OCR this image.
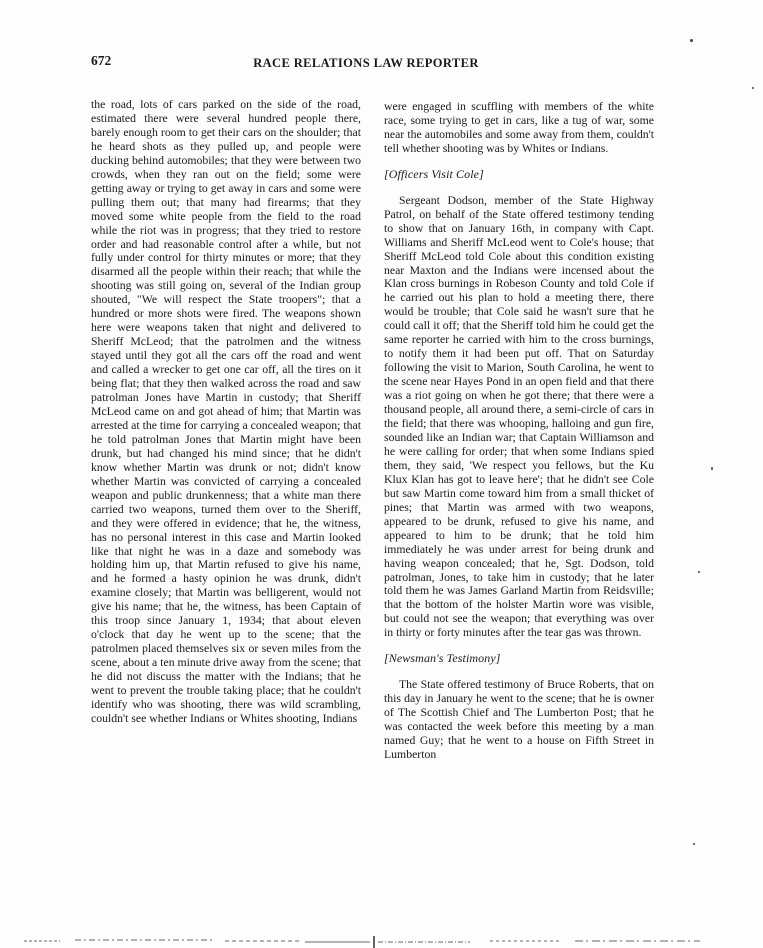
672	RACE RELATIONS LAW REPORTER

the road, lots of cars parked on the side of the road, estimated there were several hundred people there, barely enough room to get their cars on the shoulder; that he heard shots as they pulled up, and people were ducking behind automobiles; that they were between two crowds, when they ran out on the field; some were getting away or trying to get away in cars and some were pulling them out; that many had firearms; that they moved some white people from the field to the road while the riot was in progress; that they tried to restore order and had reasonable control after a while, but not fully under control for thirty minutes or more; that they disarmed all the people within their reach; that while the shooting was still going on, several of the Indian group shouted, "We will respect the State troopers"; that a hundred or more shots were fired. The weapons shown here were weapons taken that night and delivered to Sheriff McLeod; that the patrolmen and the witness stayed until they got all the cars off the road and went and called a wrecker to get one car off, all the tires on it being flat; that they then walked across the road and saw patrolman Jones have Martin in custody; that Sheriff McLeod came on and got ahead of him; that Martin was arrested at the time for carrying a concealed weapon; that he told patrolman Jones that Martin might have been drunk, but had changed his mind since; that he didn't know whether Martin was drunk or not; didn't know whether Martin was convicted of carrying a concealed weapon and public drunkenness; that a white man there carried two weapons, turned them over to the Sheriff, and they were offered in evidence; that he, the witness, has no personal interest in this case and Martin looked like that night he was in a daze and somebody was holding him up, that Martin refused to give his name, and he formed a hasty opinion he was drunk, didn't examine closely; that Martin was belligerent, would not give his name; that he, the witness, has been Captain of this troop since January 1, 1934; that about eleven o'clock that day he went up to the scene; that the patrolmen placed themselves six or seven miles from the scene, about a ten minute drive away from the scene; that he did not discuss the matter with the Indians; that he went to prevent the trouble taking place; that he couldn't identify who was shooting, there was wild scrambling, couldn't see whether Indians or Whites shooting, Indians

were engaged in scuffling with members of the white race, some trying to get in cars, like a tug of war, some near the automobiles and some away from them, couldn't tell whether shooting was by Whites or Indians.

[Officers Visit Cole]

Sergeant Dodson, member of the State Highway Patrol, on behalf of the State offered testimony tending to show that on January 16th, in company with Capt. Williams and Sheriff McLeod went to Cole's house; that Sheriff McLeod told Cole about this condition existing near Maxton and the Indians were incensed about the Klan cross burnings in Robeson County and told Cole if he carried out his plan to hold a meeting there, there would be trouble; that Cole said he wasn't sure that he could call it off; that the Sheriff told him he could get the same reporter he carried with him to the cross burnings, to notify them it had been put off. That on Saturday following the visit to Marion, South Carolina, he went to the scene near Hayes Pond in an open field and that there was a riot going on when he got there; that there were a thousand people, all around there, a semi-circle of cars in the field; that there was whooping, halloing and gun fire, sounded like an Indian war; that Captain Williamson and he were calling for order; that when some Indians spied them, they said, 'We respect you fellows, but the Ku Klux Klan has got to leave here'; that he didn't see Cole but saw Martin come toward him from a small thicket of pines; that Martin was armed with two weapons, appeared to be drunk, refused to give his name, and appeared to him to be drunk; that he told him immediately he was under arrest for being drunk and having weapon concealed; that he, Sgt. Dodson, told patrolman, Jones, to take him in custody; that he later told them he was James Garland Martin from Reidsville; that the bottom of the holster Martin wore was visible, but could not see the weapon; that everything was over in thirty or forty minutes after the tear gas was thrown.

[Newsman's Testimony]

The State offered testimony of Bruce Roberts, that on this day in January he went to the scene; that he is owner of The Scottish Chief and The Lumberton Post; that he was contacted the week before this meeting by a man named Guy; that he went to a house on Fifth Street in Lumberton
